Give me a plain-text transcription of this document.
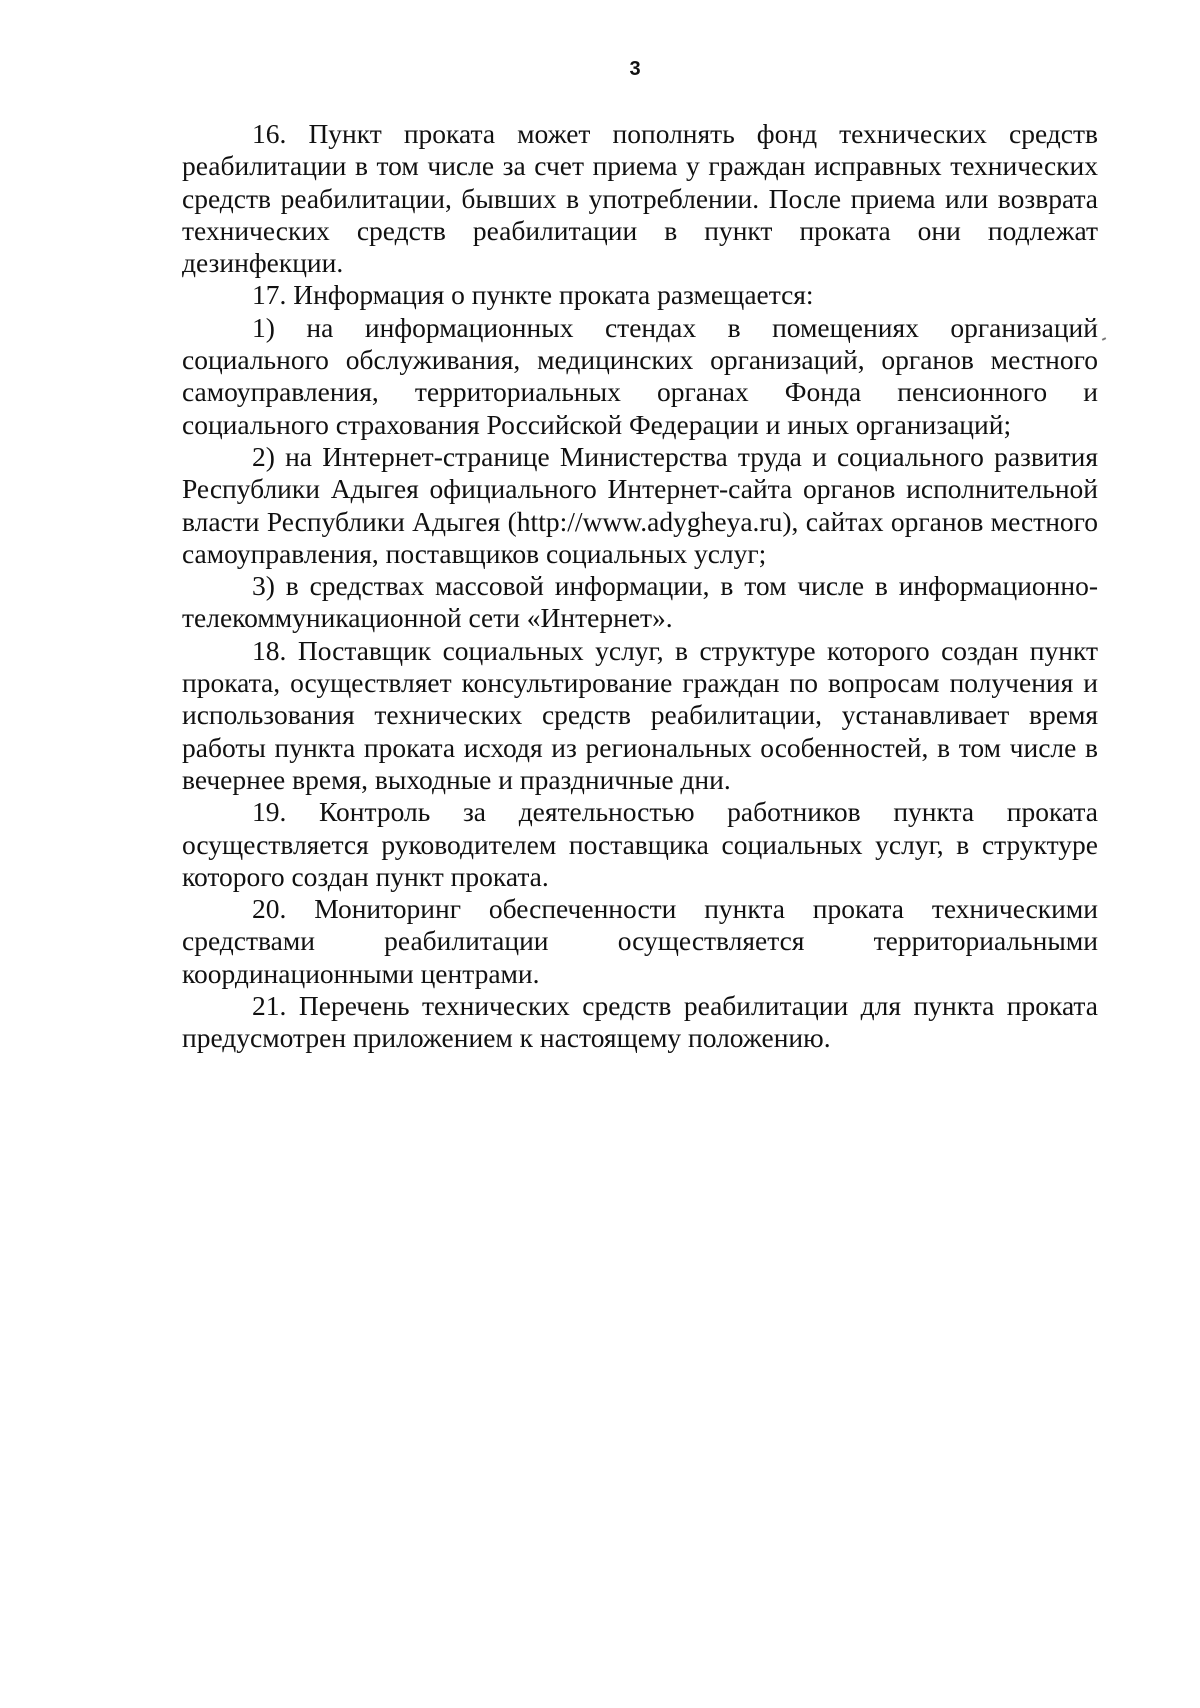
3

16. Пункт проката может пополнять фонд технических средств реабилитации в том числе за счет приема у граждан исправных технических средств реабилитации, бывших в употреблении. После приема или возврата технических средств реабилитации в пункт проката они подлежат дезинфекции.

17. Информация о пункте проката размещается:

1) на информационных стендах в помещениях организаций социального обслуживания, медицинских организаций, органов местного самоуправления, территориальных органах Фонда пенсионного и социального страхования Российской Федерации и иных организаций;

2) на Интернет-странице Министерства труда и социального развития Республики Адыгея официального Интернет-сайта органов исполнительной власти Республики Адыгея (http://www.adygheya.ru), сайтах органов местного самоуправления, поставщиков социальных услуг;

3) в средствах массовой информации, в том числе в информационно-телекоммуникационной сети «Интернет».

18. Поставщик социальных услуг, в структуре которого создан пункт проката, осуществляет консультирование граждан по вопросам получения и использования технических средств реабилитации, устанавливает время работы пункта проката исходя из региональных особенностей, в том числе в вечернее время, выходные и праздничные дни.

19. Контроль за деятельностью работников пункта проката осуществляется руководителем поставщика социальных услуг, в структуре которого создан пункт проката.

20. Мониторинг обеспеченности пункта проката техническими средствами реабилитации осуществляется территориальными координационными центрами.

21. Перечень технических средств реабилитации для пункта проката предусмотрен приложением к настоящему положению.
